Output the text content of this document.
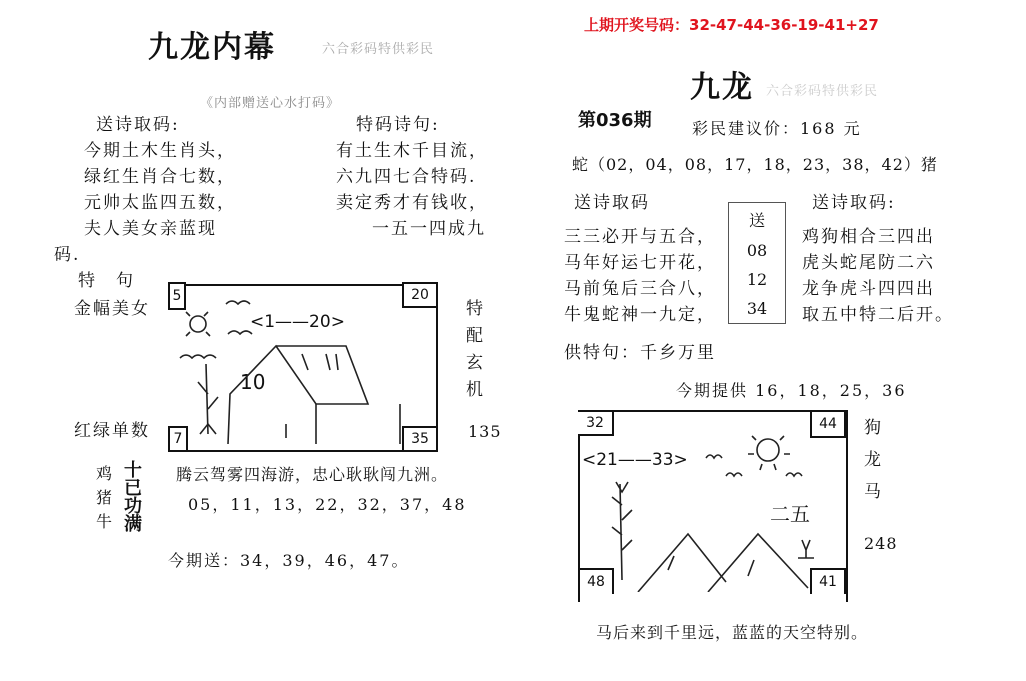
九龙内幕	六合彩码特供彩民
《内部赠送心水打码》
送诗取码:
今期土木生肖头，
绿红生肖合七数，
元帅太监四五数，
夫人美女亲蓝现
码.
特码诗句:
有土生木千目流，
六九四七合特码.
卖定秀才有钱收，
一五一四成九
特　句
金幅美女
红绿单数
5	20
7	35
<1——20>
10
特
配
玄
机
135
鸡
猪
牛
十
已
功
满
腾云驾雾四海游，忠心耿耿闯九洲。
05，11，13，22，32，37，48
今期送：34，39，46，47。
上期开奖号码：32-47-44-36-19-41+27
九龙 六合彩码特供彩民
第036期	彩民建议价：168 元
蛇（02，04，08，17，18，23，38，42）猪
送诗取码
三三必开与五合，
马年好运七开花，
马前兔后三合八，
牛鬼蛇神一九定，
送
08
12
34
送诗取码:
鸡狗相合三四出
虎头蛇尾防二六
龙争虎斗四四出
取五中特二后开。
供特句：千乡万里
今期提供 16，18，25，36
32	44
48	41
<21——33>
二五
狗
龙
马
248
马后来到千里远，蓝蓝的天空特别。
